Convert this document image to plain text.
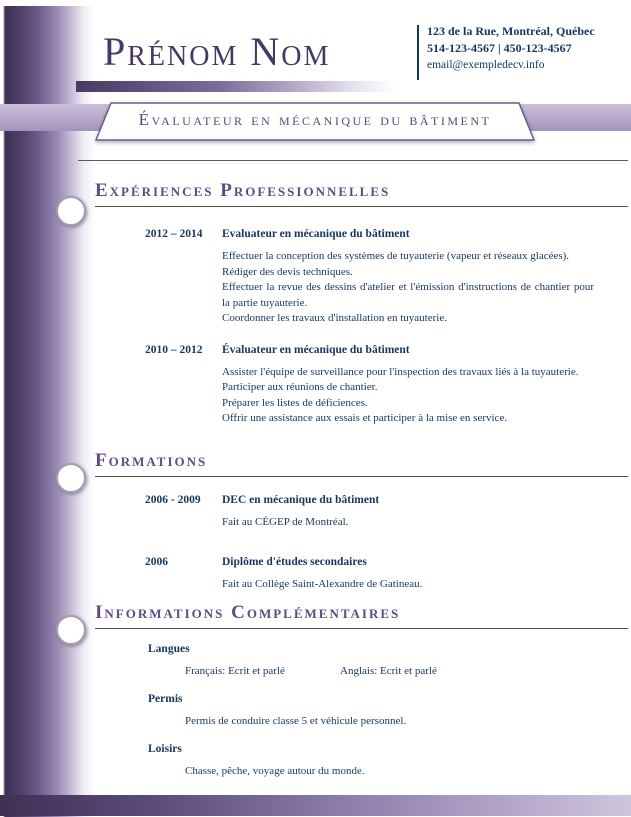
Prénom Nom	123 de la Rue, Montréal, Québec
514-123-4567 | 450-123-4567
email@exempledecv.info
Évaluateur en mécanique du bâtiment
Expériences Professionnelles
2012 – 2014	Evaluateur en mécanique du bâtiment
Effectuer la conception des systèmes de tuyauterie (vapeur et réseaux glacées).
Rédiger des devis techniques.
Effectuer la revue des dessins d'atelier et l'émission d'instructions de chantier pour la partie tuyauterie.
Coordonner les travaux d'installation en tuyauterie.
2010 – 2012	Évaluateur en mécanique du bâtiment
Assister l'équipe de surveillance pour l'inspection des travaux liés à la tuyauterie.
Participer aux réunions de chantier.
Préparer les listes de déficiences.
Offrir une assistance aux essais et participer à la mise en service.
Formations
2006 - 2009	DEC en mécanique du bâtiment
Fait au CÉGEP de Montréal.
2006	Diplôme d'études secondaires
Fait au Collège Saint-Alexandre de Gatineau.
Informations Complémentaires
Langues
Français: Ecrit et parlé	Anglais: Ecrit et parlé
Permis
Permis de conduire classe 5 et véhicule personnel.
Loisirs
Chasse, pêche, voyage autour du monde.
